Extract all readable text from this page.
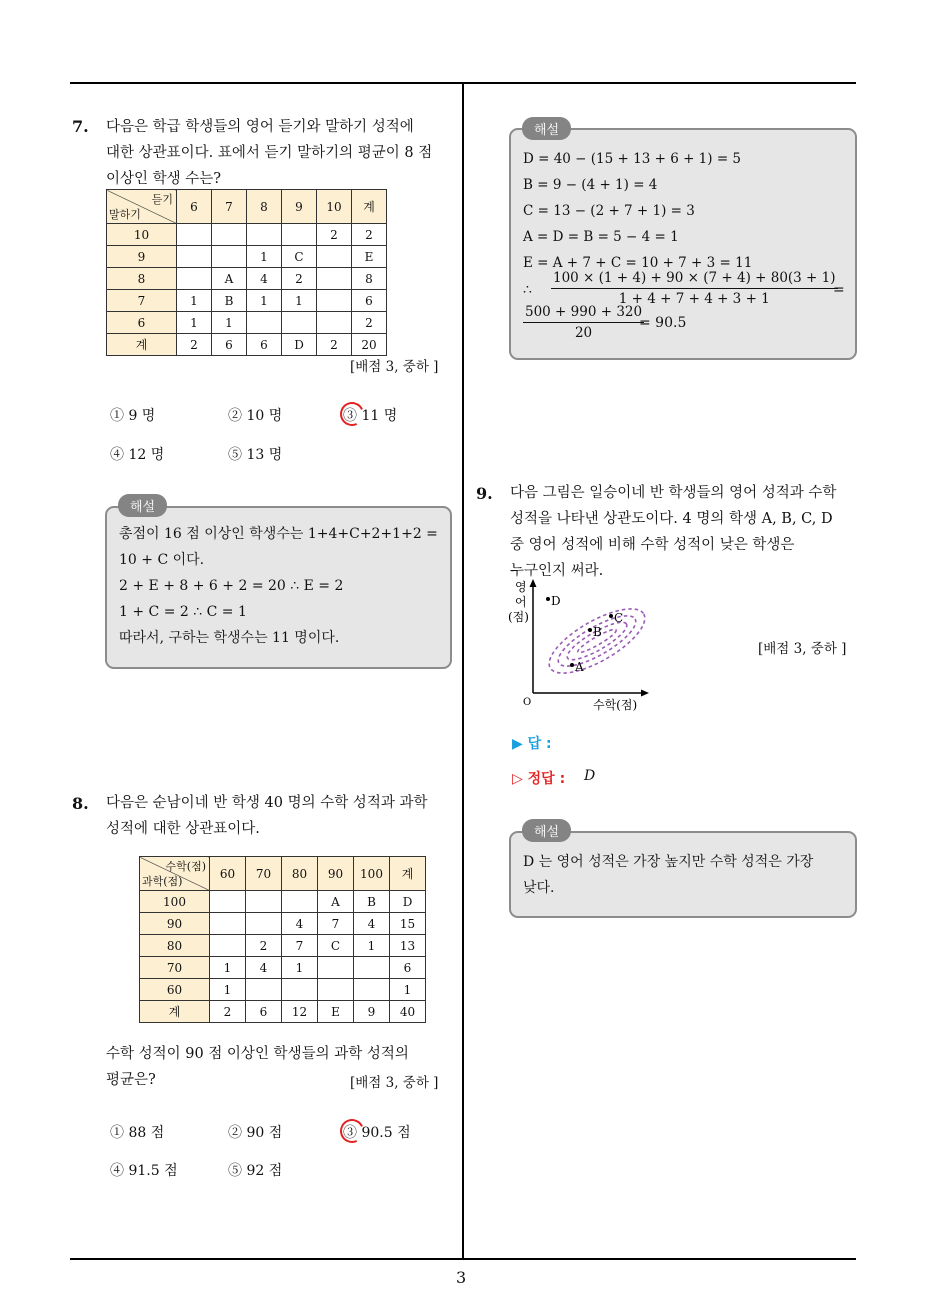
3
7. 다음은 학급 학생들의 영어 듣기와 말하기 성적에
대한 상관표이다. 표에서 듣기 말하기의 평균이 8 점
이상인 학생 수는?
듣기
말하기	6	7	8	9	10	계
10					2	2
9			1	C		E
8		A	4	2		8
7	1	B	1	1		6
6	1	1				2
계	2	6	6	D	2	20
[배점 3, 중하 ]
① 9 명	② 10 명	③ 11 명
④ 12 명	⑤ 13 명
총점이 16 점 이상인 학생수는 1+4+C+2+1+2 =
10 + C 이다.
2 + E + 8 + 6 + 2 = 20 ∴ E = 2
1 + C = 2 ∴ C = 1
따라서, 구하는 학생수는 11 명이다.
해설
8. 다음은 순남이네 반 학생 40 명의 수학 성적과 과학
성적에 대한 상관표이다.
수학(점)
과학(점)	60	70	80	90	100	계
100				A	B	D
90			4	7	4	15
80		2	7	C	1	13
70	1	4	1			6
60	1					1
계	2	6	12	E	9	40
수학 성적이 90 점 이상인 학생들의 과학 성적의
평균은?	[배점 3, 중하 ]
① 88 점	② 90 점	③ 90.5 점
④ 91.5 점	⑤ 92 점
D = 40 − (15 + 13 + 6 + 1) = 5
B = 9 − (4 + 1) = 4
C = 13 − (2 + 7 + 1) = 3
A = D = B = 5 − 4 = 1
E = A + 7 + C = 10 + 7 + 3 = 11
∴ $\frac{100 \times (1 + 4) + 90 \times (7 + 4) + 80(3 + 1)}{1 + 4 + 7 + 4 + 3 + 1}$
=
$\frac{500 + 990 + 320}{20}$
= 90.5
해설
9. 다음 그림은 일승이네 반 학생들의 영어 성적과 수학
성적을 나타낸 상관도이다. 4 명의 학생 A, B, C, D
중 영어 성적에 비해 수학 성적이 낮은 학생은
누구인지 써라.
영
어
(점)
O	수학(점)
D
C
B
A
[배점 3, 중하 ]
▶ 답 :
▷ 정답 : D
D 는 영어 성적은 가장 높지만 수학 성적은 가장
낮다.
해설
